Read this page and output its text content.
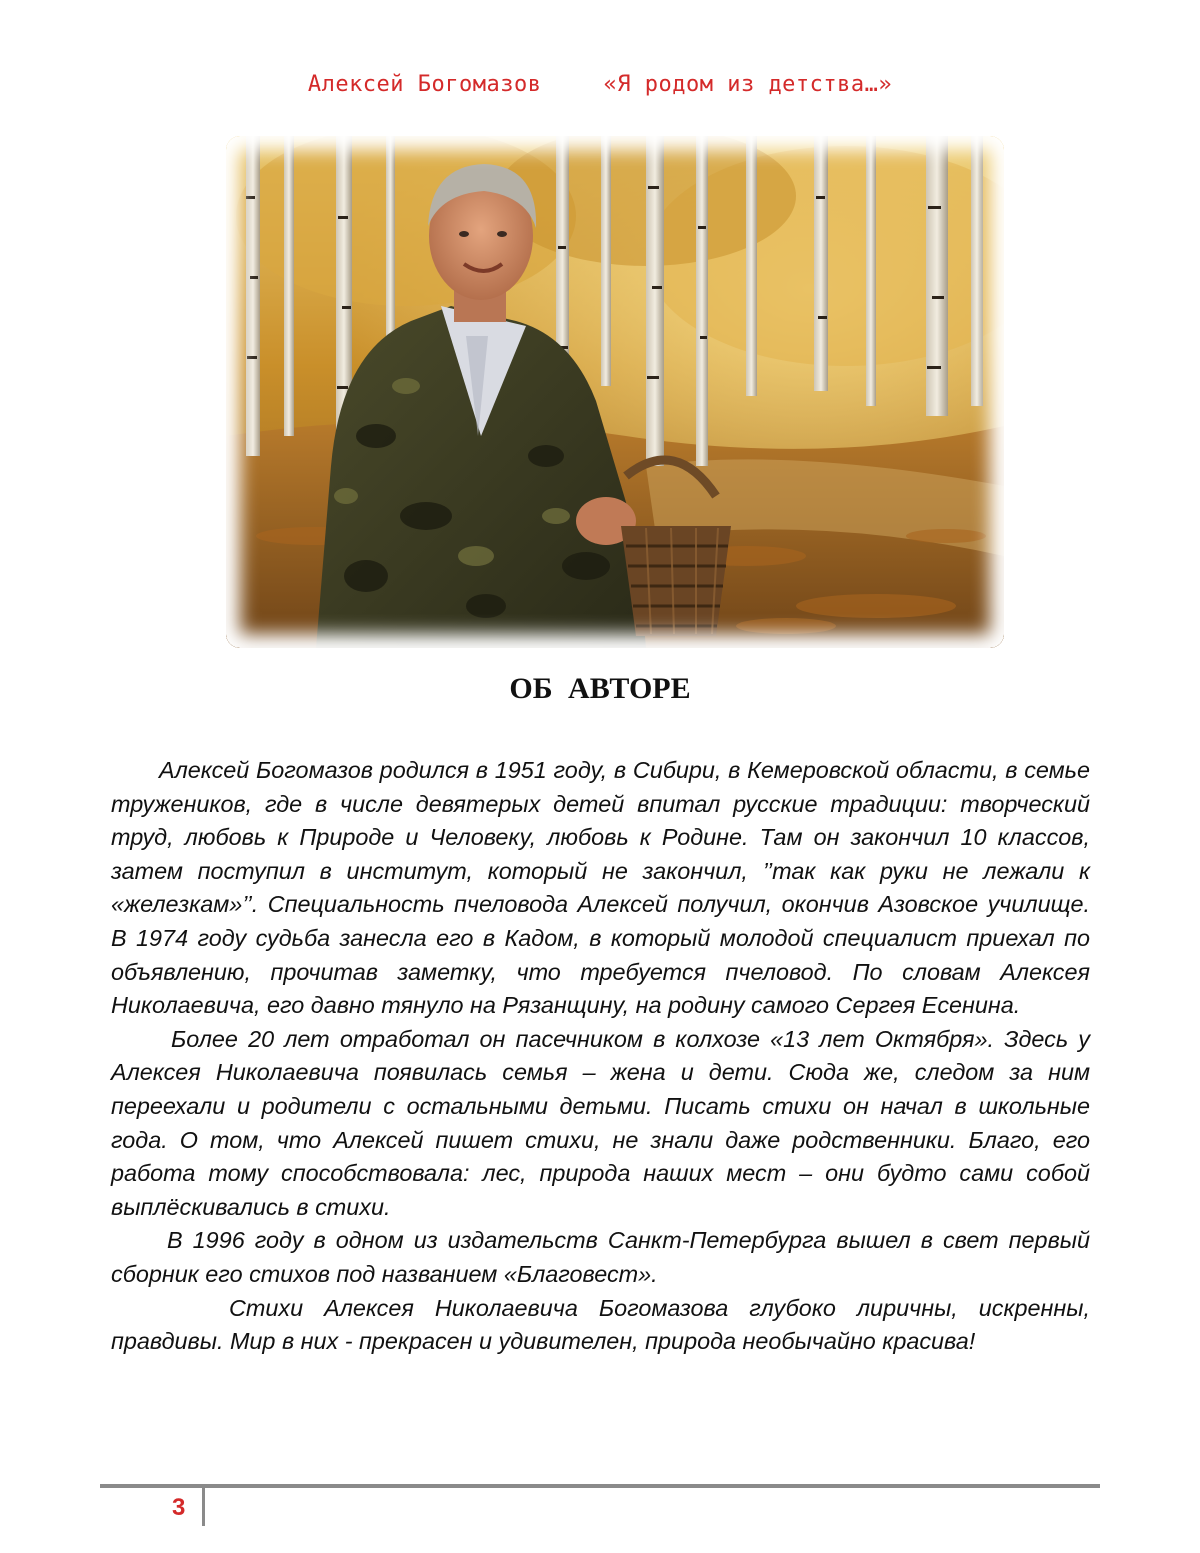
Алексей Богомазов	«Я родом из детства…»
ОБ АВТОРЕ

Алексей Богомазов родился в 1951 году, в Сибири, в Кемеровской области, в семье тружеников, где в числе девятерых детей впитал русские традиции: творческий труд, любовь к Природе и Человеку, любовь к Родине. Там он закончил 10 классов, затем поступил в институт, который не закончил, ’’так как руки не лежали к «железкам»’’. Специальность пчеловода Алексей получил, окончив Азовское училище. В 1974 году судьба занесла его в Кадом, в который молодой специалист приехал по объявлению, прочитав заметку, что требуется пчеловод. По словам Алексея Николаевича, его давно тянуло на Рязанщину, на родину самого Сергея Есенина.

Более 20 лет отработал он пасечником в колхозе «13 лет Октября». Здесь у Алексея Николаевича появилась семья – жена и дети. Сюда же, следом за ним переехали и родители с остальными детьми. Писать стихи он начал в школьные года. О том, что Алексей пишет стихи, не знали даже родственники. Благо, его работа тому способствовала: лес, природа наших мест – они будто сами собой выплёскивались в стихи.

В 1996 году в одном из издательств Санкт-Петербурга вышел в свет первый сборник его стихов под названием «Благовест».

Стихи Алексея Николаевича Богомазова глубоко лиричны, искренны, правдивы. Мир в них - прекрасен и удивителен, природа необычайно красива!

3
